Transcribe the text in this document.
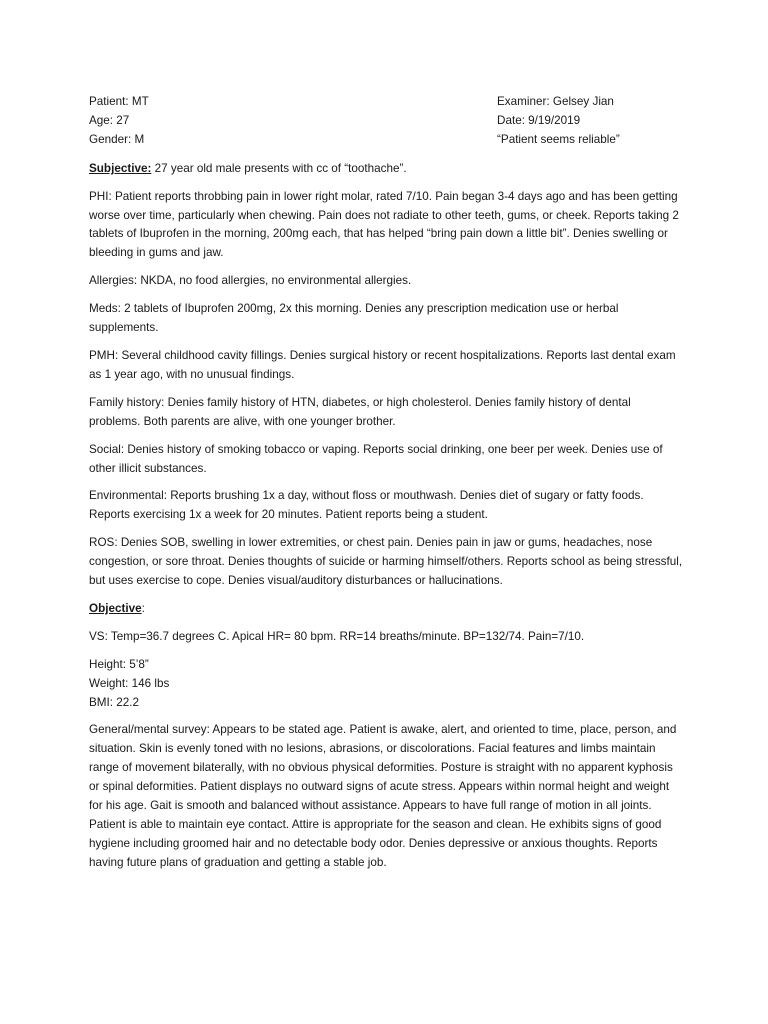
Patient: MT
Age: 27
Gender: M
Examiner: Gelsey Jian
Date: 9/19/2019
“Patient seems reliable”

Subjective: 27 year old male presents with cc of “toothache”.

PHI: Patient reports throbbing pain in lower right molar, rated 7/10. Pain began 3-4 days ago and has been getting worse over time, particularly when chewing. Pain does not radiate to other teeth, gums, or cheek. Reports taking 2 tablets of Ibuprofen in the morning, 200mg each, that has helped “bring pain down a little bit”. Denies swelling or bleeding in gums and jaw.

Allergies: NKDA, no food allergies, no environmental allergies.

Meds: 2 tablets of Ibuprofen 200mg, 2x this morning. Denies any prescription medication use or herbal supplements.

PMH: Several childhood cavity fillings. Denies surgical history or recent hospitalizations. Reports last dental exam as 1 year ago, with no unusual findings.

Family history: Denies family history of HTN, diabetes, or high cholesterol. Denies family history of dental problems. Both parents are alive, with one younger brother.

Social: Denies history of smoking tobacco or vaping. Reports social drinking, one beer per week. Denies use of other illicit substances.

Environmental: Reports brushing 1x a day, without floss or mouthwash. Denies diet of sugary or fatty foods. Reports exercising 1x a week for 20 minutes. Patient reports being a student.

ROS: Denies SOB, swelling in lower extremities, or chest pain. Denies pain in jaw or gums, headaches, nose congestion, or sore throat. Denies thoughts of suicide or harming himself/others. Reports school as being stressful, but uses exercise to cope. Denies visual/auditory disturbances or hallucinations.

Objective:

VS: Temp=36.7 degrees C. Apical HR= 80 bpm. RR=14 breaths/minute. BP=132/74. Pain=7/10.

Height: 5’8”
Weight: 146 lbs
BMI: 22.2

General/mental survey: Appears to be stated age. Patient is awake, alert, and oriented to time, place, person, and situation. Skin is evenly toned with no lesions, abrasions, or discolorations. Facial features and limbs maintain range of movement bilaterally, with no obvious physical deformities. Posture is straight with no apparent kyphosis or spinal deformities. Patient displays no outward signs of acute stress. Appears within normal height and weight for his age. Gait is smooth and balanced without assistance. Appears to have full range of motion in all joints. Patient is able to maintain eye contact. Attire is appropriate for the season and clean. He exhibits signs of good hygiene including groomed hair and no detectable body odor. Denies depressive or anxious thoughts. Reports having future plans of graduation and getting a stable job.
